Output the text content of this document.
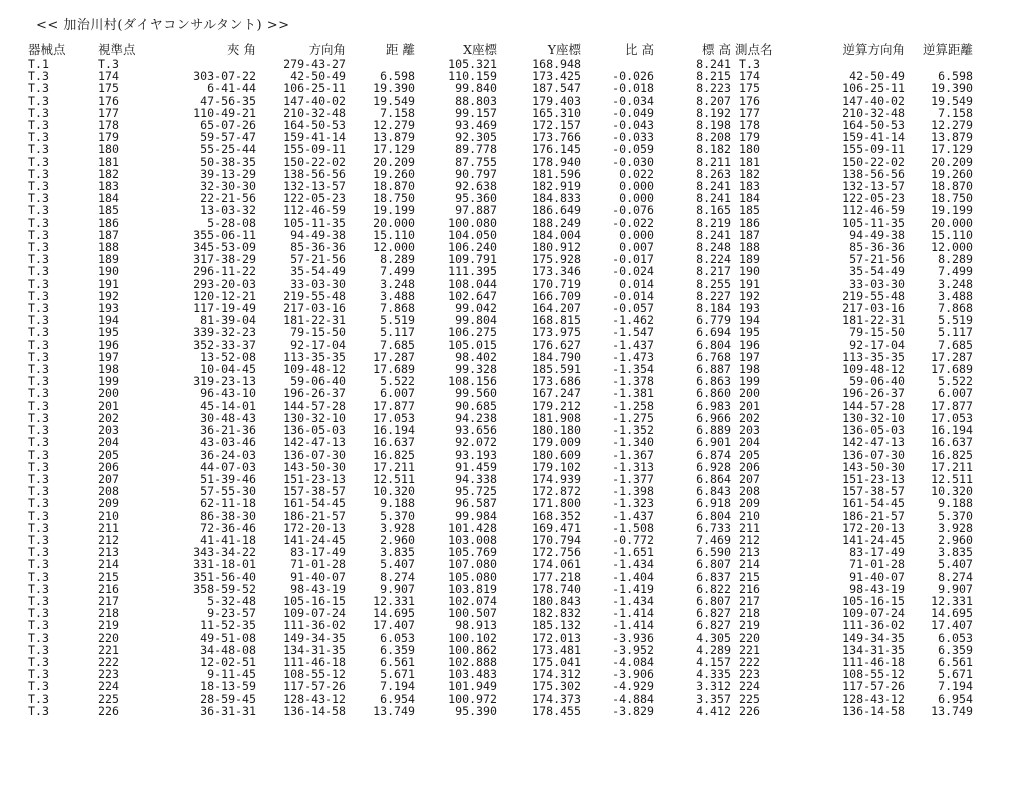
<< 加治川村(ダイヤコンサルタント) >>
器械点	視準点	夾 角	方向角	距 離	X座標	Y座標	比 高	標 高	測点名	逆算方向角	逆算距離
T.1	T.3		279-43-27		105.321	168.948		8.241	T.3		
T.3	174	303-07-22	42-50-49	6.598	110.159	173.425	-0.026	8.215	174	42-50-49	6.598
T.3	175	6-41-44	106-25-11	19.390	99.840	187.547	-0.018	8.223	175	106-25-11	19.390
T.3	176	47-56-35	147-40-02	19.549	88.803	179.403	-0.034	8.207	176	147-40-02	19.549
T.3	177	110-49-21	210-32-48	7.158	99.157	165.310	-0.049	8.192	177	210-32-48	7.158
T.3	178	65-07-26	164-50-53	12.279	93.469	172.157	-0.043	8.198	178	164-50-53	12.279
T.3	179	59-57-47	159-41-14	13.879	92.305	173.766	-0.033	8.208	179	159-41-14	13.879
T.3	180	55-25-44	155-09-11	17.129	89.778	176.145	-0.059	8.182	180	155-09-11	17.129
T.3	181	50-38-35	150-22-02	20.209	87.755	178.940	-0.030	8.211	181	150-22-02	20.209
T.3	182	39-13-29	138-56-56	19.260	90.797	181.596	0.022	8.263	182	138-56-56	19.260
T.3	183	32-30-30	132-13-57	18.870	92.638	182.919	0.000	8.241	183	132-13-57	18.870
T.3	184	22-21-56	122-05-23	18.750	95.360	184.833	0.000	8.241	184	122-05-23	18.750
T.3	185	13-03-32	112-46-59	19.199	97.887	186.649	-0.076	8.165	185	112-46-59	19.199
T.3	186	5-28-08	105-11-35	20.000	100.080	188.249	-0.022	8.219	186	105-11-35	20.000
T.3	187	355-06-11	94-49-38	15.110	104.050	184.004	0.000	8.241	187	94-49-38	15.110
T.3	188	345-53-09	85-36-36	12.000	106.240	180.912	0.007	8.248	188	85-36-36	12.000
T.3	189	317-38-29	57-21-56	8.289	109.791	175.928	-0.017	8.224	189	57-21-56	8.289
T.3	190	296-11-22	35-54-49	7.499	111.395	173.346	-0.024	8.217	190	35-54-49	7.499
T.3	191	293-20-03	33-03-30	3.248	108.044	170.719	0.014	8.255	191	33-03-30	3.248
T.3	192	120-12-21	219-55-48	3.488	102.647	166.709	-0.014	8.227	192	219-55-48	3.488
T.3	193	117-19-49	217-03-16	7.868	99.042	164.207	-0.057	8.184	193	217-03-16	7.868
T.3	194	81-39-04	181-22-31	5.519	99.804	168.815	-1.462	6.779	194	181-22-31	5.519
T.3	195	339-32-23	79-15-50	5.117	106.275	173.975	-1.547	6.694	195	79-15-50	5.117
T.3	196	352-33-37	92-17-04	7.685	105.015	176.627	-1.437	6.804	196	92-17-04	7.685
T.3	197	13-52-08	113-35-35	17.287	98.402	184.790	-1.473	6.768	197	113-35-35	17.287
T.3	198	10-04-45	109-48-12	17.689	99.328	185.591	-1.354	6.887	198	109-48-12	17.689
T.3	199	319-23-13	59-06-40	5.522	108.156	173.686	-1.378	6.863	199	59-06-40	5.522
T.3	200	96-43-10	196-26-37	6.007	99.560	167.247	-1.381	6.860	200	196-26-37	6.007
T.3	201	45-14-01	144-57-28	17.877	90.685	179.212	-1.258	6.983	201	144-57-28	17.877
T.3	202	30-48-43	130-32-10	17.053	94.238	181.908	-1.275	6.966	202	130-32-10	17.053
T.3	203	36-21-36	136-05-03	16.194	93.656	180.180	-1.352	6.889	203	136-05-03	16.194
T.3	204	43-03-46	142-47-13	16.637	92.072	179.009	-1.340	6.901	204	142-47-13	16.637
T.3	205	36-24-03	136-07-30	16.825	93.193	180.609	-1.367	6.874	205	136-07-30	16.825
T.3	206	44-07-03	143-50-30	17.211	91.459	179.102	-1.313	6.928	206	143-50-30	17.211
T.3	207	51-39-46	151-23-13	12.511	94.338	174.939	-1.377	6.864	207	151-23-13	12.511
T.3	208	57-55-30	157-38-57	10.320	95.725	172.872	-1.398	6.843	208	157-38-57	10.320
T.3	209	62-11-18	161-54-45	9.188	96.587	171.800	-1.323	6.918	209	161-54-45	9.188
T.3	210	86-38-30	186-21-57	5.370	99.984	168.352	-1.437	6.804	210	186-21-57	5.370
T.3	211	72-36-46	172-20-13	3.928	101.428	169.471	-1.508	6.733	211	172-20-13	3.928
T.3	212	41-41-18	141-24-45	2.960	103.008	170.794	-0.772	7.469	212	141-24-45	2.960
T.3	213	343-34-22	83-17-49	3.835	105.769	172.756	-1.651	6.590	213	83-17-49	3.835
T.3	214	331-18-01	71-01-28	5.407	107.080	174.061	-1.434	6.807	214	71-01-28	5.407
T.3	215	351-56-40	91-40-07	8.274	105.080	177.218	-1.404	6.837	215	91-40-07	8.274
T.3	216	358-59-52	98-43-19	9.907	103.819	178.740	-1.419	6.822	216	98-43-19	9.907
T.3	217	5-32-48	105-16-15	12.331	102.074	180.843	-1.434	6.807	217	105-16-15	12.331
T.3	218	9-23-57	109-07-24	14.695	100.507	182.832	-1.414	6.827	218	109-07-24	14.695
T.3	219	11-52-35	111-36-02	17.407	98.913	185.132	-1.414	6.827	219	111-36-02	17.407
T.3	220	49-51-08	149-34-35	6.053	100.102	172.013	-3.936	4.305	220	149-34-35	6.053
T.3	221	34-48-08	134-31-35	6.359	100.862	173.481	-3.952	4.289	221	134-31-35	6.359
T.3	222	12-02-51	111-46-18	6.561	102.888	175.041	-4.084	4.157	222	111-46-18	6.561
T.3	223	9-11-45	108-55-12	5.671	103.483	174.312	-3.906	4.335	223	108-55-12	5.671
T.3	224	18-13-59	117-57-26	7.194	101.949	175.302	-4.929	3.312	224	117-57-26	7.194
T.3	225	28-59-45	128-43-12	6.954	100.972	174.373	-4.884	3.357	225	128-43-12	6.954
T.3	226	36-31-31	136-14-58	13.749	95.390	178.455	-3.829	4.412	226	136-14-58	13.749
